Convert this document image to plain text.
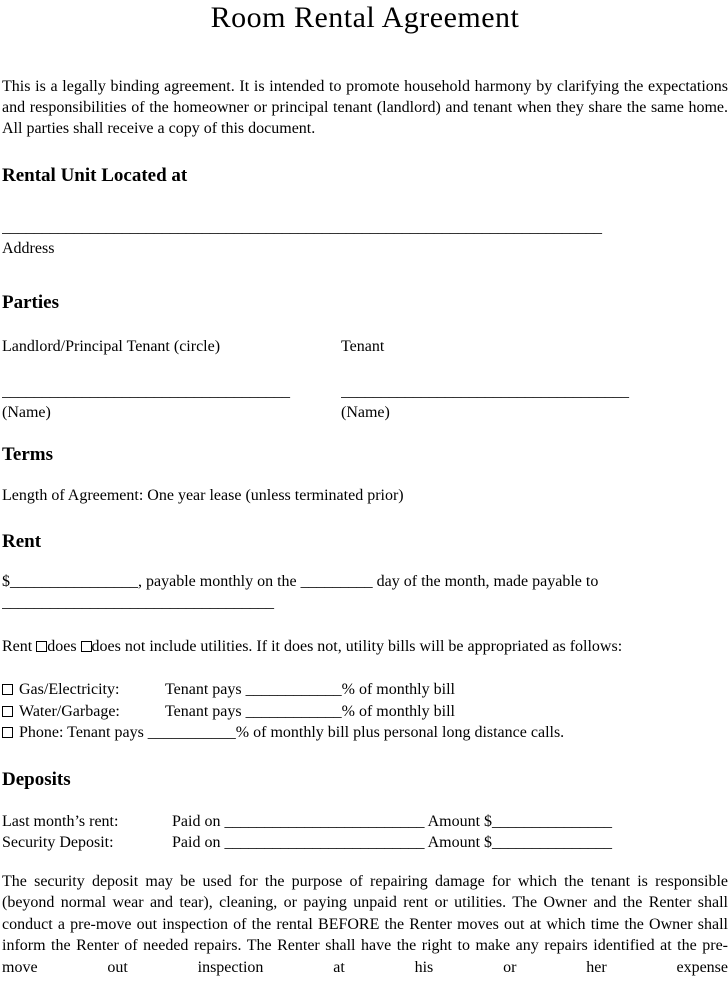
Room Rental Agreement

This is a legally binding agreement. It is intended to promote household harmony by clarifying the expectations and responsibilities of the homeowner or principal tenant (landlord) and tenant when they share the same home. All parties shall receive a copy of this document.

Rental Unit Located at
___________________________________________________________________________
Address
Parties
Landlord/Principal Tenant (circle)	Tenant
____________________________________	____________________________________
(Name)	(Name)
Terms

Length of Agreement: One year lease (unless terminated prior)

Rent
$________________, payable monthly on the _________ day of the month, made payable to
__________________________________

Rent does does not include utilities. If it does not, utility bills will be appropriated as follows:

Gas/Electricity:	Tenant pays ____________% of monthly bill
Water/Garbage:	Tenant pays ____________% of monthly bill
Phone: Tenant pays ___________% of monthly bill plus personal long distance calls.
Deposits
Last month’s rent:	Paid on _________________________ Amount $_______________
Security Deposit:	Paid on _________________________ Amount $_______________

The security deposit may be used for the purpose of repairing damage for which the tenant is responsible (beyond normal wear and tear), cleaning, or paying unpaid rent or utilities. The Owner and the Renter shall conduct a pre-move out inspection of the rental BEFORE the Renter moves out at which time the Owner shall inform the Renter of needed repairs. The Renter shall have the right to make any repairs identified at the pre-move out inspection at his or her expense
